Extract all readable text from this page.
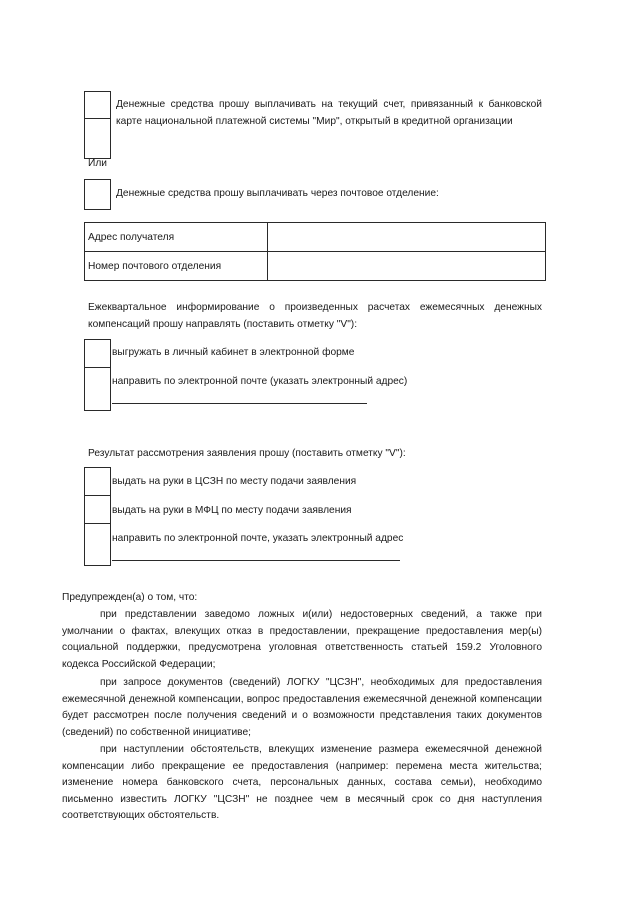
Денежные средства прошу выплачивать на текущий счет, привязанный к банковской карте национальной платежной системы "Мир", открытый в кредитной организации
Или
Денежные средства прошу выплачивать через почтовое отделение:
Адрес получателя	
Номер почтового отделения	
Ежеквартальное информирование о произведенных расчетах ежемесячных денежных компенсаций прошу направлять (поставить отметку "V"):
выгружать в личный кабинет в электронной форме
направить по электронной почте (указать электронный адрес)
Результат рассмотрения заявления прошу (поставить отметку "V"):
выдать на руки в ЦСЗН по месту подачи заявления
выдать на руки в МФЦ по месту подачи заявления
направить по электронной почте, указать электронный адрес
Предупрежден(а) о том, что:
при представлении заведомо ложных и(или) недостоверных сведений, а также при умолчании о фактах, влекущих отказ в предоставлении, прекращение предоставления мер(ы) социальной поддержки, предусмотрена уголовная ответственность статьей 159.2 Уголовного кодекса Российской Федерации;
при запросе документов (сведений) ЛОГКУ "ЦСЗН", необходимых для предоставления ежемесячной денежной компенсации, вопрос предоставления ежемесячной денежной компенсации будет рассмотрен после получения сведений и о возможности представления таких документов (сведений) по собственной инициативе;
при наступлении обстоятельств, влекущих изменение размера ежемесячной денежной компенсации либо прекращение ее предоставления (например: перемена места жительства; изменение номера банковского счета, персональных данных, состава семьи), необходимо письменно известить ЛОГКУ "ЦСЗН" не позднее чем в месячный срок со дня наступления соответствующих обстоятельств.
